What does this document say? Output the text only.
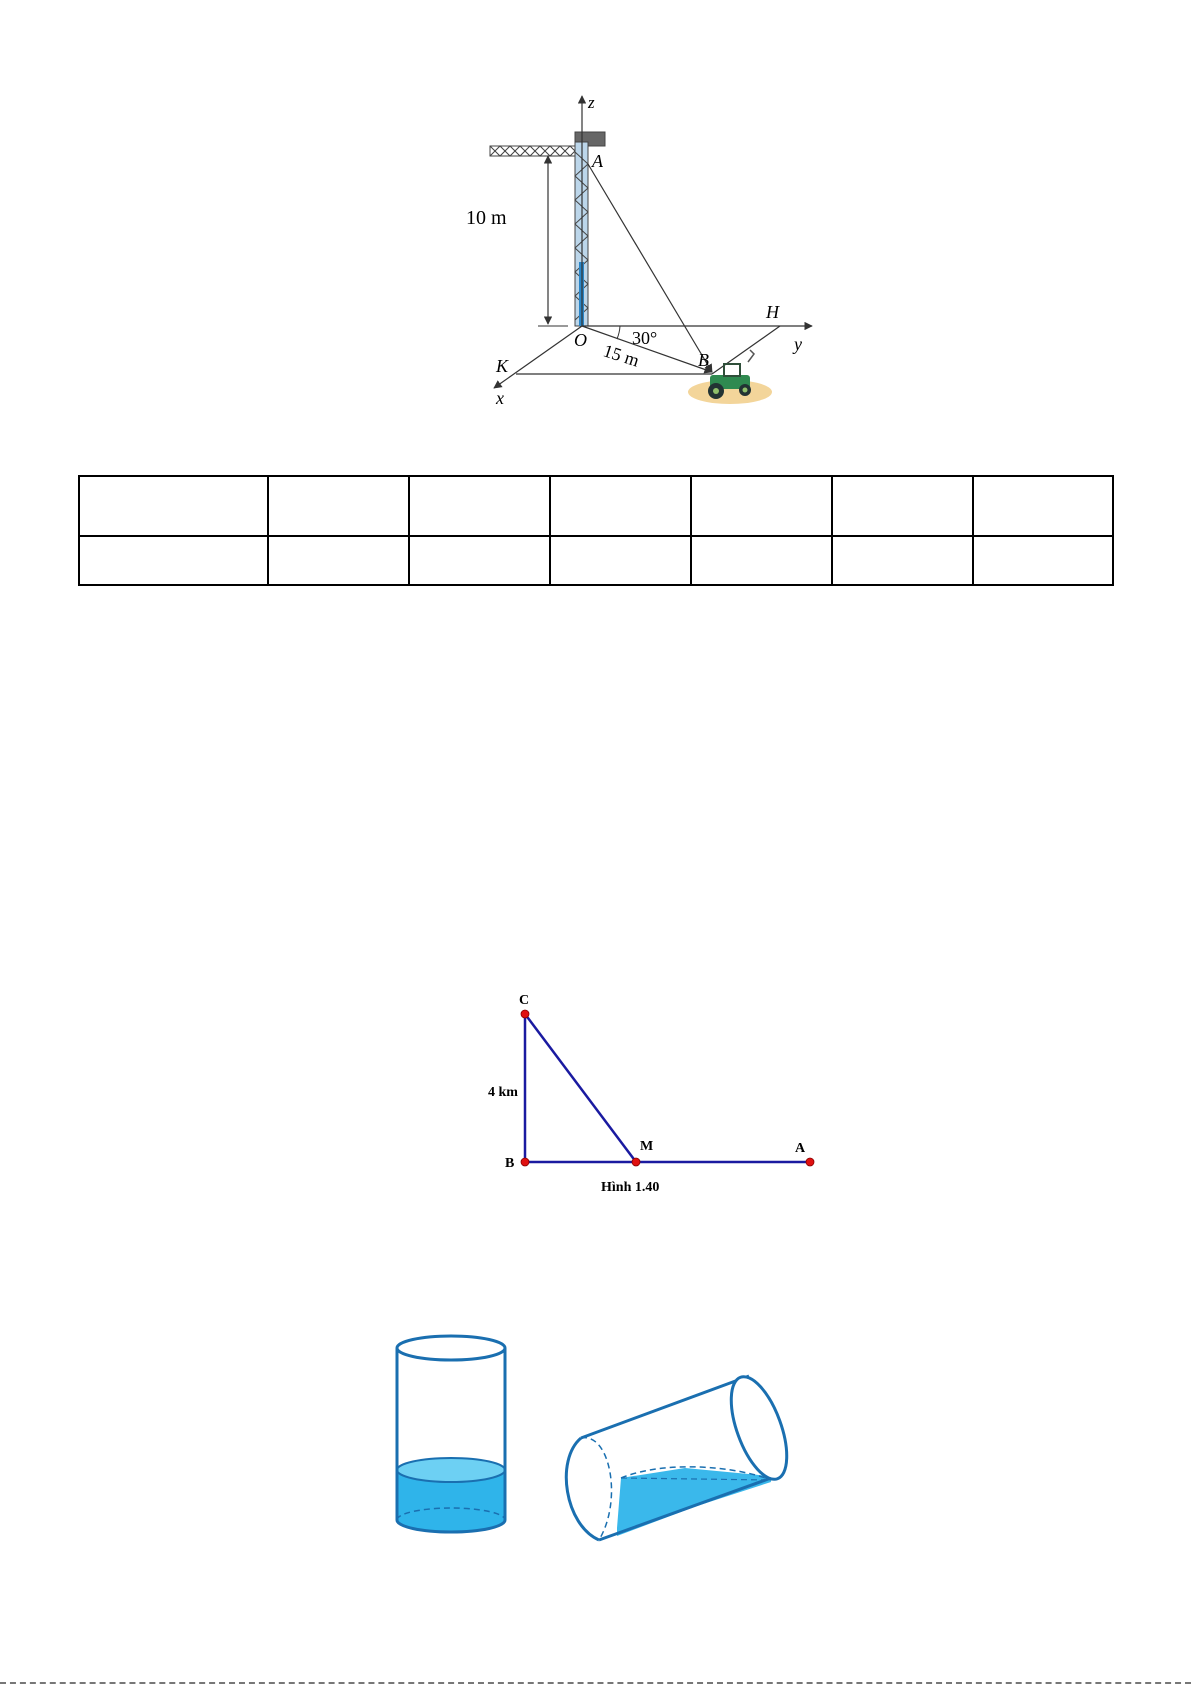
z
10 m
A
O	30°
15 m
H
y
K
x
B

C
B
M	A
4 km
Hình 1.40
